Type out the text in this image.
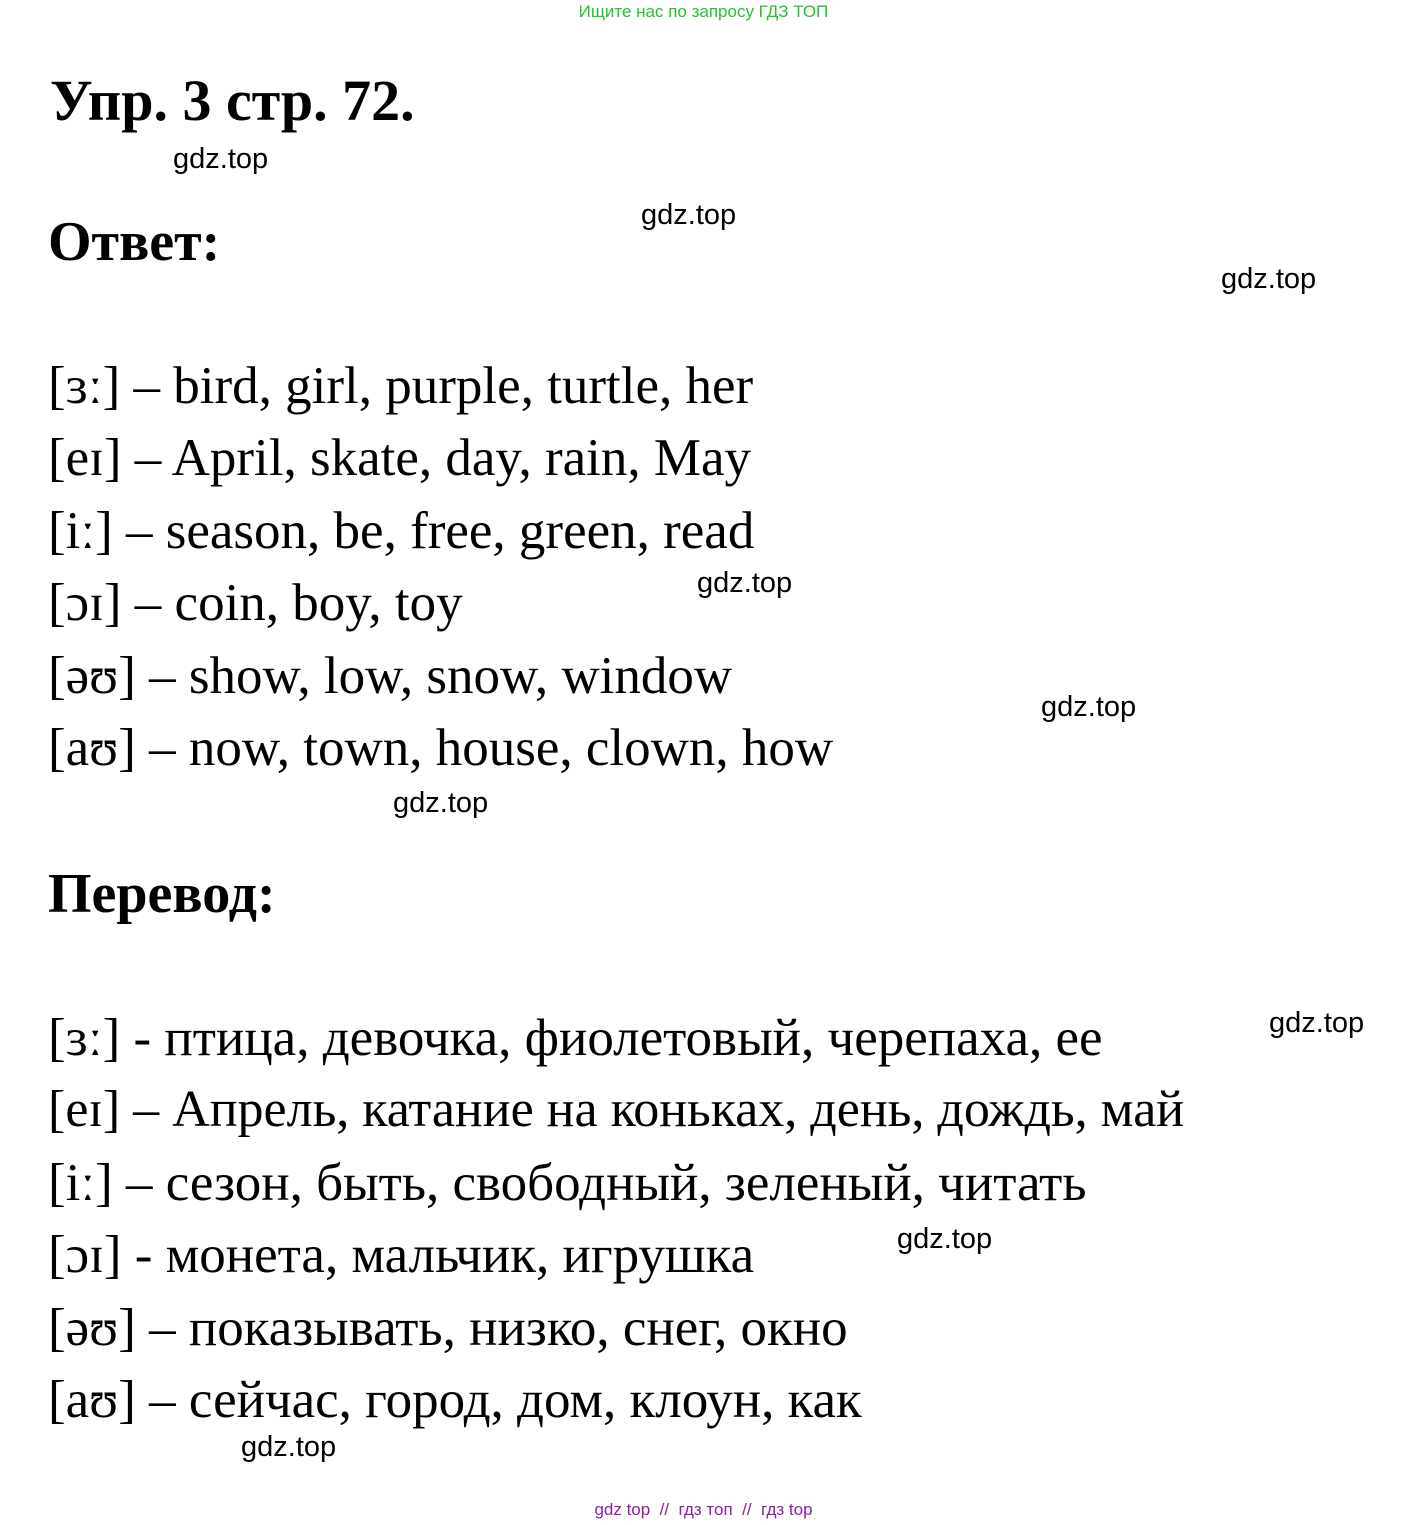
Ищите нас по запросу ГДЗ ТОП
Упр. 3 стр. 72.
Ответ:
[ɜː] – bird, girl, purple, turtle, her
[eɪ] – April, skate, day, rain, May
[iː] – season, be, free, green, read
[ɔɪ] – coin, boy, toy
[əʊ] – show, low, snow, window
[aʊ] – now, town, house, clown, how
Перевод:
[ɜː] - птица, девочка, фиолетовый, черепаха, ее
[eɪ] – Апрель, катание на коньках, день, дождь, май
[iː] – сезон, быть, свободный, зеленый, читать
[ɔɪ] - монета, мальчик, игрушка
[əʊ] – показывать, низко, снег, окно
[aʊ] – сейчас, город, дом, клоун, как
gdz.top
gdz.top
gdz.top
gdz.top
gdz.top
gdz.top
gdz.top
gdz.top
gdz.top
gdz top  //  гдз топ  //  гдз top
